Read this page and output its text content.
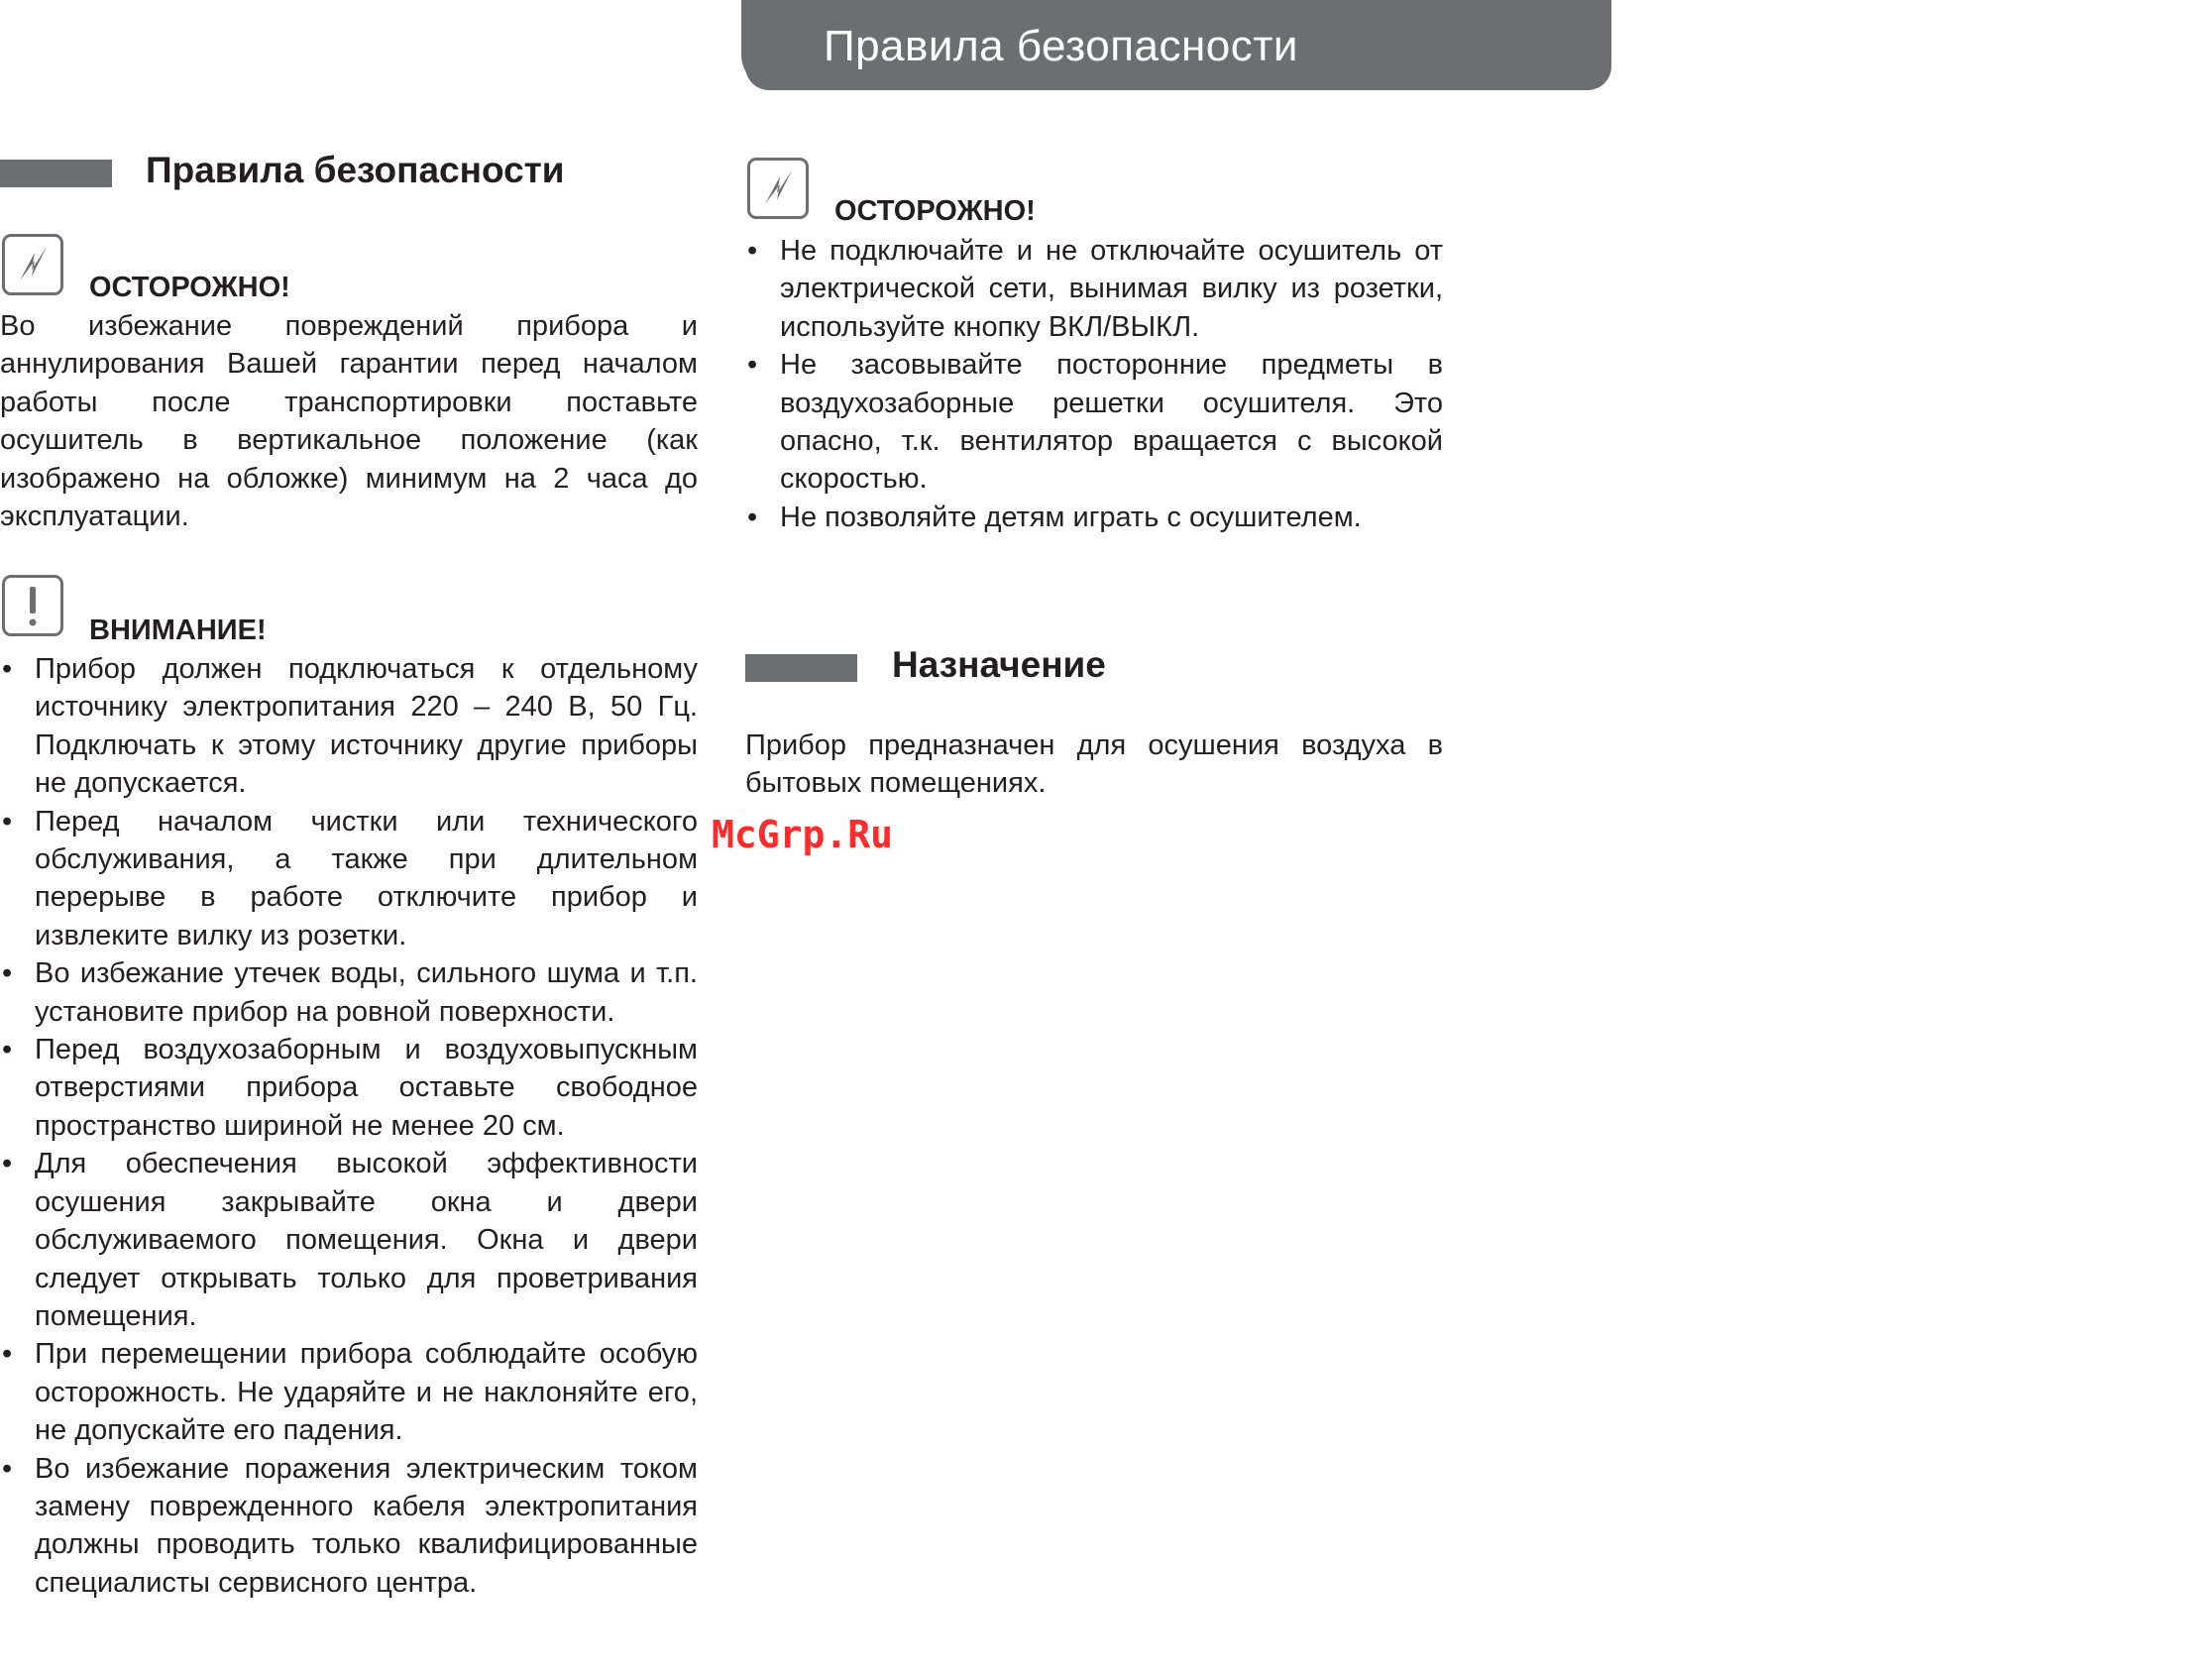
Правила безопасности	3
Правила безопасности
ОСТОРОЖНО!

Во избежание повреждений прибора и аннулирования Вашей гарантии перед началом работы после транспортировки поставьте осушитель в вертикальное положение (как изображено на обложке) минимум на 2 часа до эксплуатации.

ВНИМАНИЕ!
• Прибор должен подключаться к отдельному источнику электропитания 220 – 240 В, 50 Гц. Подключать к этому источнику другие приборы не допускается.
• Перед началом чистки или технического обслуживания, а также при длительном перерыве в работе отключите прибор и извлеките вилку из розетки.
• Во избежание утечек воды, сильного шума и т.п. установите прибор на ровной поверхности.
• Перед воздухозаборным и воздуховыпускным отверстиями прибора оставьте свободное пространство шириной не менее 20 см.
• Для обеспечения высокой эффективности осушения закрывайте окна и двери обслуживаемого помещения. Окна и двери следует открывать только для проветривания помещения.
• При перемещении прибора соблюдайте особую осторожность. Не ударяйте и не наклоняйте его, не допускайте его падения.
• Во избежание поражения электрическим током замену поврежденного кабеля электропитания должны проводить только квалифицированные специалисты сервисного центра.
ОСТОРОЖНО!
• Не подключайте и не отключайте осушитель от электрической сети, вынимая вилку из розетки, используйте кнопку ВКЛ/ВЫКЛ.
• Не засовывайте посторонние предметы в воздухозаборные решетки осушителя. Это опасно, т.к. вентилятор вращается с высокой скоростью.
• Не позволяйте детям играть с осушителем.
Назначение

Прибор предназначен для осушения воздуха в бытовых помещениях.

McGrp.Ru
